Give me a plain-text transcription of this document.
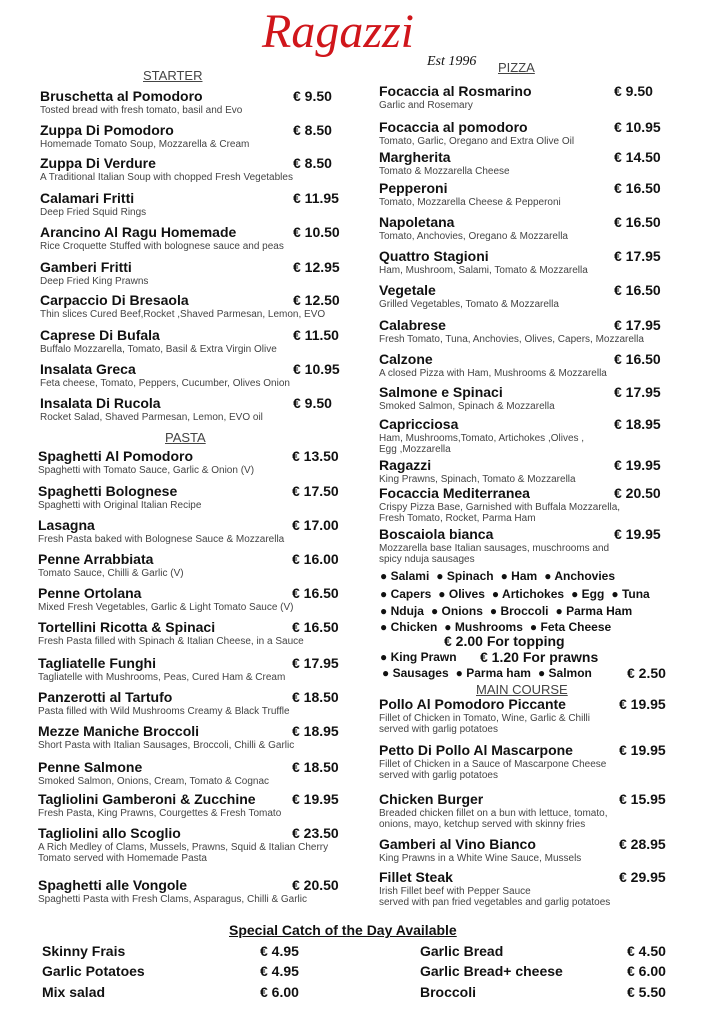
Ragazzi
Est 1996
STARTER
PIZZA
PASTA
MAIN COURSE
Special Catch of the Day Available
Bruschetta al Pomodoro	€ 9.50
Tosted bread with fresh tomato, basil and Evo
Zuppa Di Pomodoro	€ 8.50
Homemade Tomato Soup, Mozzarella & Cream
Zuppa Di Verdure	€ 8.50
A Traditional Italian Soup with chopped Fresh Vegetables
Calamari Fritti	€ 11.95
Deep Fried Squid Rings
Arancino Al Ragu Homemade	€ 10.50
Rice Croquette Stuffed with bolognese sauce and peas
Gamberi Fritti	€ 12.95
Deep Fried King Prawns
Carpaccio Di Bresaola	€ 12.50
Thin slices Cured Beef,Rocket ,Shaved Parmesan, Lemon, EVO
Caprese Di Bufala	€ 11.50
Buffalo Mozzarella, Tomato, Basil & Extra Virgin Olive
Insalata Greca	€ 10.95
Feta cheese, Tomato, Peppers, Cucumber, Olives Onion
Insalata Di Rucola	€ 9.50
Rocket Salad, Shaved Parmesan, Lemon, EVO oil
Spaghetti Al Pomodoro	€ 13.50
Spaghetti with Tomato Sauce, Garlic & Onion (V)
Spaghetti Bolognese	€ 17.50
Spaghetti with Original Italian Recipe
Lasagna	€ 17.00
Fresh Pasta baked with Bolognese Sauce & Mozzarella
Penne Arrabbiata	€ 16.00
Tomato Sauce, Chilli & Garlic (V)
Penne Ortolana	€ 16.50
Mixed Fresh Vegetables, Garlic & Light Tomato Sauce (V)
Tortellini Ricotta & Spinaci	€ 16.50
Fresh Pasta filled with Spinach & Italian Cheese, in a Sauce
Tagliatelle Funghi	€ 17.95
Tagliatelle with Mushrooms, Peas, Cured Ham & Cream
Panzerotti al Tartufo	€ 18.50
Pasta filled with Wild Mushrooms Creamy & Black Truffle
Mezze Maniche Broccoli	€ 18.95
Short Pasta with Italian Sausages, Broccoli, Chilli & Garlic
Penne Salmone	€ 18.50
Smoked Salmon, Onions, Cream, Tomato & Cognac
Tagliolini Gamberoni & Zucchine	€ 19.95
Fresh Pasta, King Prawns, Courgettes & Fresh Tomato
Tagliolini allo Scoglio	€ 23.50
A Rich Medley of Clams, Mussels, Prawns, Squid & Italian Cherry
Tomato served with Homemade Pasta
Spaghetti alle Vongole	€ 20.50
Spaghetti Pasta with Fresh Clams, Asparagus, Chilli & Garlic
Focaccia al Rosmarino	€ 9.50
Garlic and Rosemary
Focaccia al pomodoro	€ 10.95
Tomato, Garlic, Oregano and Extra Olive Oil
Margherita	€ 14.50
Tomato & Mozzarella Cheese
Pepperoni	€ 16.50
Tomato, Mozzarella Cheese & Pepperoni
Napoletana	€ 16.50
Tomato, Anchovies, Oregano & Mozzarella
Quattro Stagioni	€ 17.95
Ham, Mushroom, Salami, Tomato & Mozzarella
Vegetale	€ 16.50
Grilled Vegetables, Tomato & Mozzarella
Calabrese	€ 17.95
Fresh Tomato, Tuna, Anchovies, Olives, Capers, Mozzarella
Calzone	€ 16.50
A closed Pizza with Ham, Mushrooms & Mozzarella
Salmone e Spinaci	€ 17.95
Smoked Salmon, Spinach & Mozzarella
Capricciosa	€ 18.95
Ham, Mushrooms,Tomato, Artichokes ,Olives ,
Egg ,Mozzarella
Ragazzi	€ 19.95
King Prawns, Spinach, Tomato & Mozzarella
Focaccia Mediterranea	€ 20.50
Crispy Pizza Base, Garnished with Buffala Mozzarella,
Fresh Tomato, Rocket, Parma Ham
Boscaiola bianca	€ 19.95
Mozzarella base Italian sausages, muschrooms and
spicy nduja sausages
Pollo Al Pomodoro Piccante	€ 19.95
Fillet of Chicken in Tomato, Wine, Garlic & Chilli
served with garlig potatoes
Petto Di Pollo Al Mascarpone	€ 19.95
Fillet of Chicken in a Sauce of Mascarpone Cheese
served with garlig potatoes
Chicken Burger	€ 15.95
Breaded chicken fillet on a bun with lettuce, tomato,
onions, mayo, ketchup served with skinny fries
Gamberi al Vino Bianco	€ 28.95
King Prawns in a White Wine Sauce, Mussels
Fillet Steak	€ 29.95
Irish Fillet beef with Pepper Sauce
served with pan fried vegetables and garlig potatoes
Skinny Frais	€ 4.95
Garlic Potatoes	€ 4.95
Mix salad	€ 6.00
Garlic Bread	€ 4.50
Garlic Bread+ cheese	€ 6.00
Broccoli	€ 5.50
● Salami ● Spinach ● Ham ● Anchovies
● Capers ● Olives ● Artichokes ● Egg ● Tuna
● Nduja ● Onions ● Broccoli ● Parma Ham
● Chicken ● Mushrooms ● Feta Cheese
● King Prawn
● Sausages ● Parma ham ● Salmon
€ 2.00 For topping
€ 1.20 For prawns
€ 2.50
